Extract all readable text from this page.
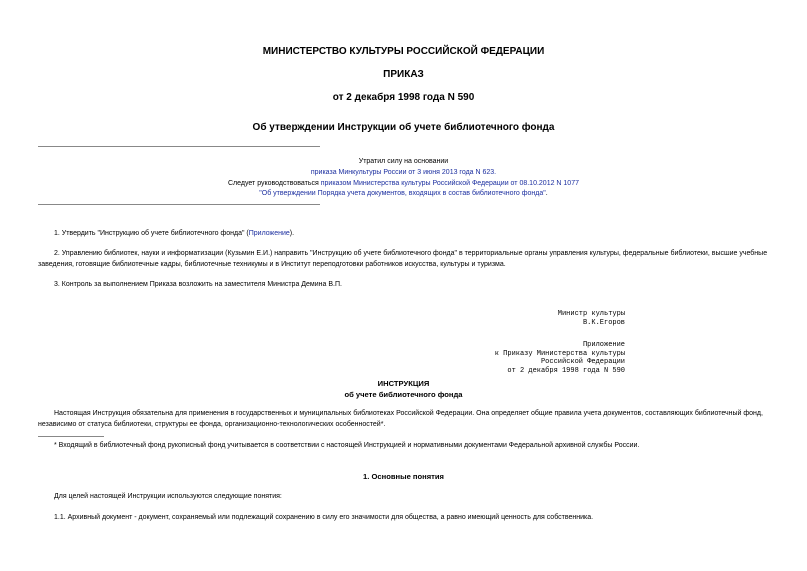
МИНИСТЕРСТВО КУЛЬТУРЫ РОССИЙСКОЙ ФЕДЕРАЦИИ
ПРИКАЗ
от 2 декабря 1998 года N 590
Об утверждении Инструкции об учете библиотечного фонда
Утратил силу на основании
приказа Минкультуры России от 3 июня 2013 года N 623.
Следует руководствоваться приказом Министерства культуры Российской Федерации от 08.10.2012 N 1077
"Об утверждении Порядка учета документов, входящих в состав библиотечного фонда".
1. Утвердить "Инструкцию об учете библиотечного фонда" (Приложение).
2. Управлению библиотек, науки и информатизации (Кузьмин Е.И.) направить "Инструкцию об учете библиотечного фонда" в территориальные органы управления культуры, федеральные библиотеки, высшие учебные заведения, готовящие библиотечные кадры, библиотечные техникумы и в Институт переподготовки работников искусства, культуры и туризма.
3. Контроль за выполнением Приказа возложить на заместителя Министра Демина В.П.
Министр культуры
В.К.Егоров
Приложение
к Приказу Министерства культуры
Российской Федерации
от 2 декабря 1998 года N 590
ИНСТРУКЦИЯ
об учете библиотечного фонда
Настоящая Инструкция обязательна для применения в государственных и муниципальных библиотеках Российской Федерации. Она определяет общие правила учета документов, составляющих библиотечный фонд, независимо от статуса библиотеки, структуры ее фонда, организационно-технологических особенностей*.
* Входящий в библиотечный фонд рукописный фонд учитывается в соответствии с настоящей Инструкцией и нормативными документами Федеральной архивной службы России.
1. Основные понятия
Для целей настоящей Инструкции используются следующие понятия:
1.1. Архивный документ - документ, сохраняемый или подлежащий сохранению в силу его значимости для общества, а равно имеющий ценность для собственника.
